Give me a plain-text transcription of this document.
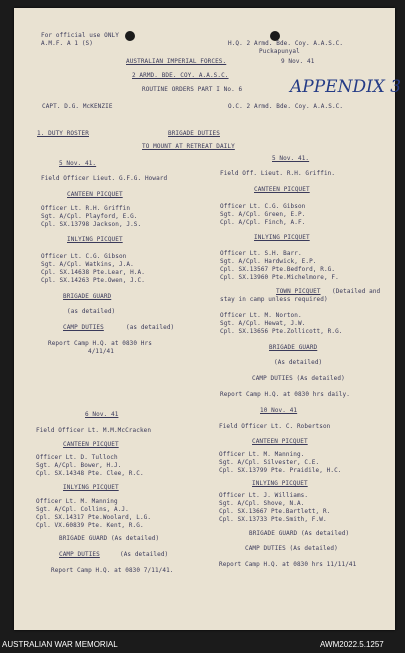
For official use ONLY
A.M.F. A 1 (S)	H.Q. 2 Armd. Bde. Coy. A.A.S.C.
Puckapunyal
AUSTRALIAN IMPERIAL FORCES.	9 Nov. 41
2 ARMD. BDE. COY. A.A.S.C.
APPENDIX 3
ROUTINE ORDERS PART I No. 6
CAPT. D.G. McKENZIE	O.C. 2 Armd. Bde. Coy. A.A.S.C.
1. DUTY ROSTER	BRIGADE DUTIES
TO MOUNT AT RETREAT DAILY
5 Nov. 41.
Field Officer Lieut. G.F.G. Howard
CANTEEN PICQUET
Officer Lt. R.H. Griffin
Sgt. A/Cpl. Playford, E.G.
Cpl. SX.13798 Jackson, J.S.
INLYING PICQUET
Officer Lt. C.G. Gibson
Sgt. A/Cpl. Watkins, J.A.
Cpl. SX.14638 Pte.Lear, H.A.
Cpl. SX.14263 Pte.Owen, J.C.
BRIGADE GUARD
(as detailed)
CAMP DUTIES	(as detailed)
Report Camp H.Q. at 0830 Hrs
4/11/41
6 Nov. 41
Field Officer Lt. M.M.McCracken
CANTEEN PICQUET
Officer Lt. D. Tulloch
Sgt. A/Cpl. Bower, H.J.
Cpl. SX.14348 Pte. Clee, R.C.
INLYING PICQUET
Officer Lt. M. Manning
Sgt. A/Cpl. Collins, A.J.
Cpl. SX.14317 Pte.Woolard, L.G.
Cpl. VX.60839 Pte. Kent, R.G.
BRIGADE GUARD (As detailed)
CAMP DUTIES	(As detailed)
Report Camp H.Q. at 0830 7/11/41.
5 Nov. 41.
Field Off. Lieut. R.H. Griffin.
CANTEEN PICQUET
Officer Lt. C.G. Gibson
Sgt. A/Cpl. Green, E.P.
Cpl. A/Cpl. Finch, A.F.
INLYING PICQUET
Officer Lt. S.H. Barr.
Sgt. A/Cpl. Hardwick, E.P.
Cpl. SX.13567 Pte.Bedford, R.G.
Cpl. SX.13960 Pte.Michelmore, F.
TOWN PICQUET (Detailed and
stay in camp unless required)
Officer Lt. M. Norton.
Sgt. A/Cpl. Hewat, J.W.
Cpl. SX.13656 Pte.Zollicott, R.G.
BRIGADE GUARD
(As detailed)
CAMP DUTIES (As detailed)
Report Camp H.Q. at 0830 hrs daily.
10 Nov. 41
Field Officer Lt. C. Robertson
CANTEEN PICQUET
Officer Lt. M. Manning.
Sgt. A/Cpl. Silvester, C.E.
Cpl. SX.13799 Pte. Praidile, H.C.
INLYING PICQUET
Officer Lt. J. Williams.
Sgt. A/Cpl. Shove, N.A.
Cpl. SX.13667 Pte.Bartlett, R.
Cpl. SX.13733 Pte.Smith, F.W.
BRIGADE GUARD (As detailed)
CAMP DUTIES (As detailed)
Report Camp H.Q. at 0830 hrs 11/11/41
AUSTRALIAN WAR MEMORIAL	AWM2022.5.1257
